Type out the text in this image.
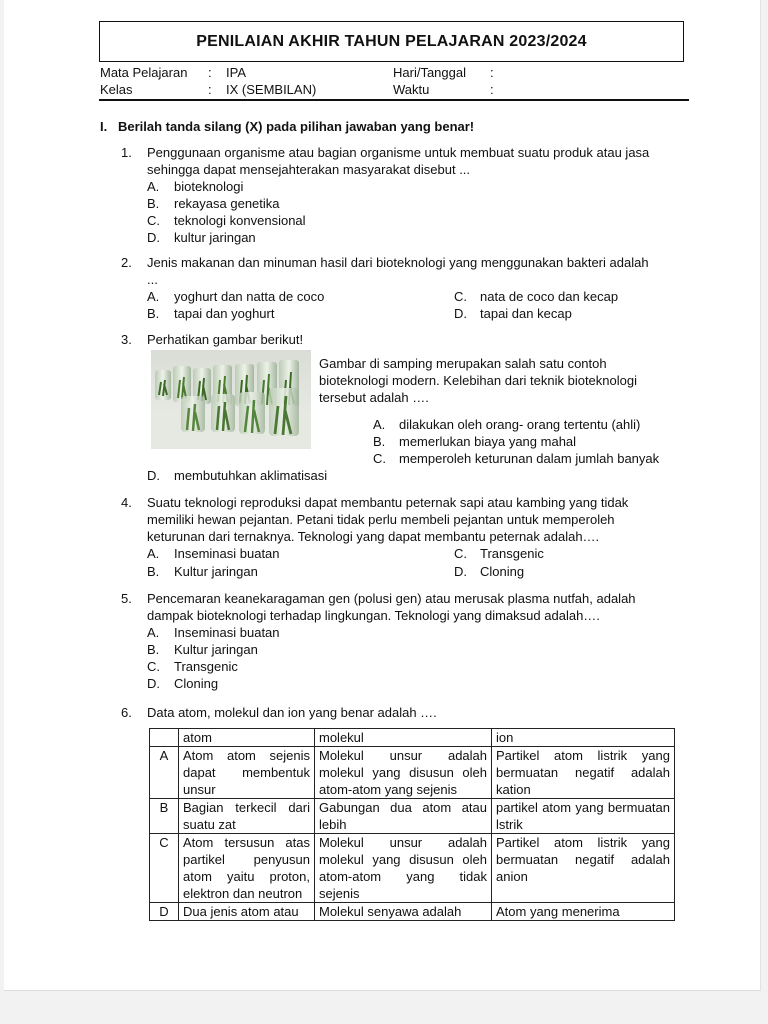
PENILAIAN AKHIR TAHUN PELAJARAN 2023/2024
Mata Pelajaran : IPA	Hari/Tanggal :
Kelas	: IX (SEMBILAN)	Waktu	:
I. Berilah tanda silang (X) pada pilihan jawaban yang benar!
1. Penggunaan organisme atau bagian organisme untuk membuat suatu produk atau jasa
sehingga dapat mensejahterakan masyarakat disebut ...
A. bioteknologi
B. rekayasa genetika
C. teknologi konvensional
D. kultur jaringan
2. Jenis makanan dan minuman hasil dari bioteknologi yang menggunakan bakteri adalah
...
A. yoghurt dan natta de coco	C. nata de coco dan kecap
B. tapai dan yoghurt	D. tapai dan kecap
3. Perhatikan gambar berikut!
Gambar di samping merupakan salah satu contoh
bioteknologi modern. Kelebihan dari teknik bioteknologi
tersebut adalah ….
A. dilakukan oleh orang- orang tertentu (ahli)
B. memerlukan biaya yang mahal
C. memperoleh keturunan dalam jumlah banyak
D. membutuhkan aklimatisasi
4. Suatu teknologi reproduksi dapat membantu peternak sapi atau kambing yang tidak
memiliki hewan pejantan. Petani tidak perlu membeli pejantan untuk memperoleh
keturunan dari ternaknya. Teknologi yang dapat membantu peternak adalah….
A. Inseminasi buatan	C. Transgenic
B. Kultur jaringan	D. Cloning
5. Pencemaran keanekaragaman gen (polusi gen) atau merusak plasma nutfah, adalah
dampak bioteknologi terhadap lingkungan. Teknologi yang dimaksud adalah….
A. Inseminasi buatan
B. Kultur jaringan
C. Transgenic
D. Cloning
6. Data atom, molekul dan ion yang benar adalah ….
	atom	molekul	ion
A	Atom atom sejenis dapat membentuk unsur	Molekul unsur adalah molekul yang disusun oleh atom-atom yang sejenis	Partikel atom listrik yang bermuatan negatif adalah kation

B	Bagian terkecil dari suatu zat	Gabungan dua atom atau lebih	partikel atom yang bermuatan lstrik

C	Atom tersusun atas partikel penyusun atom yaitu proton, elektron dan neutron	Molekul unsur adalah molekul yang disusun oleh atom-atom yang tidak sejenis	Partikel atom listrik yang bermuatan negatif adalah anion

D	Dua jenis atom atau	Molekul senyawa adalah	Atom yang menerima
